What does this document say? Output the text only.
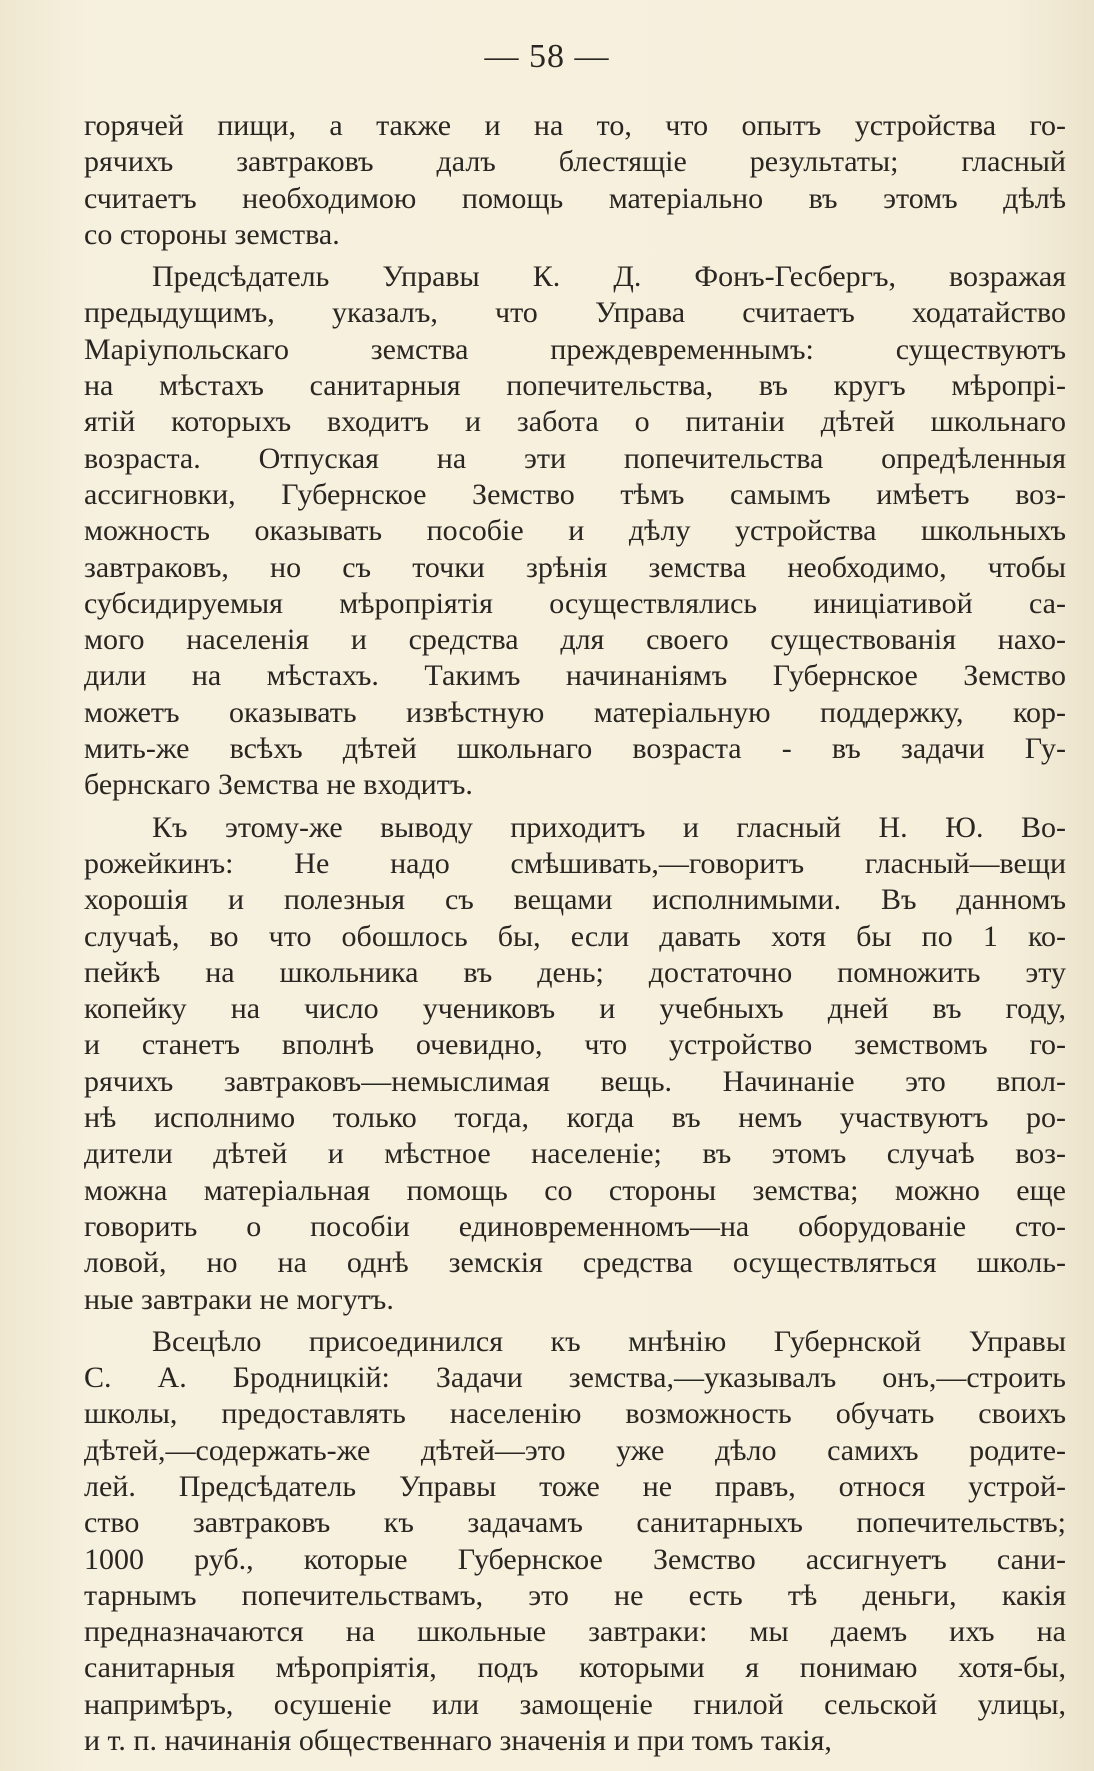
— 58 —
горячей пищи, а также и на то, что опытъ устройства го-
рячихъ завтраковъ далъ блестящіе результаты; гласный
считаетъ необходимою помощь матеріально въ этомъ дѣлѣ
со стороны земства.
Предсѣдатель Управы К. Д. Фонъ-Гесбергъ, возражая
предыдущимъ, указалъ, что Управа считаетъ ходатайство
Маріупольскаго земства преждевременнымъ: существуютъ
на мѣстахъ санитарныя попечительства, въ кругъ мѣропрі-
ятій которыхъ входитъ и забота о питаніи дѣтей школьнаго
возраста. Отпуская на эти попечительства опредѣленныя
ассигновки, Губернское Земство тѣмъ самымъ имѣетъ воз-
можность оказывать пособіе и дѣлу устройства школьныхъ
завтраковъ, но съ точки зрѣнія земства необходимо, чтобы
субсидируемыя мѣропріятія осуществлялись иниціативой са-
мого населенія и средства для своего существованія нахо-
дили на мѣстахъ. Такимъ начинаніямъ Губернское Земство
можетъ оказывать извѣстную матеріальную поддержку, кор-
мить-же всѣхъ дѣтей школьнаго возраста - въ задачи Гу-
бернскаго Земства не входитъ.
Къ этому-же выводу приходитъ и гласный Н. Ю. Во-
рожейкинъ: Не надо смѣшивать,—говоритъ гласный—вещи
хорошія и полезныя съ вещами исполнимыми. Въ данномъ
случаѣ, во что обошлось бы, если давать хотя бы по 1 ко-
пейкѣ на школьника въ день; достаточно помножить эту
копейку на число учениковъ и учебныхъ дней въ году,
и станетъ вполнѣ очевидно, что устройство земствомъ го-
рячихъ завтраковъ—немыслимая вещь. Начинаніе это впол-
нѣ исполнимо только тогда, когда въ немъ участвуютъ ро-
дители дѣтей и мѣстное населеніе; въ этомъ случаѣ воз-
можна матеріальная помощь со стороны земства; можно еще
говорить о пособіи единовременномъ—на оборудованіе сто-
ловой, но на однѣ земскія средства осуществляться школь-
ные завтраки не могутъ.
Всецѣло присоединился къ мнѣнію Губернской Управы
С. А. Бродницкій: Задачи земства,—указывалъ онъ,—строить
школы, предоставлять населенію возможность обучать своихъ
дѣтей,—содержать-же дѣтей—это уже дѣло самихъ родите-
лей. Предсѣдатель Управы тоже не правъ, относя устрой-
ство завтраковъ къ задачамъ санитарныхъ попечительствъ;
1000 руб., которые Губернское Земство ассигнуетъ сани-
тарнымъ попечительствамъ, это не есть тѣ деньги, какія
предназначаются на школьные завтраки: мы даемъ ихъ на
санитарныя мѣропріятія, подъ которыми я понимаю хотя-бы,
напримѣръ, осушеніе или замощеніе гнилой сельской улицы,
и т. п. начинанія общественнаго значенія и при томъ такія,
